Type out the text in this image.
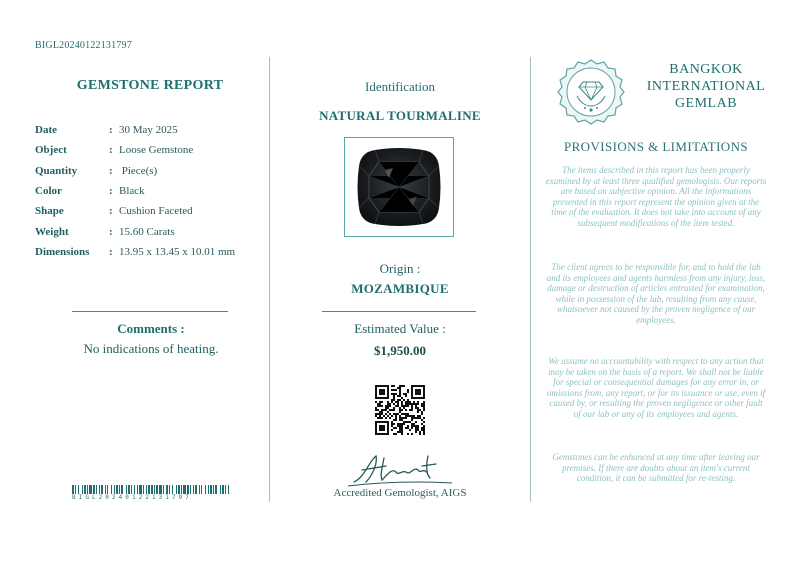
BIGL20240122131797
GEMSTONE REPORT
Date	: 30 May 2025
Object	: Loose Gemstone
Quantity	: Piece(s)
Color	: Black
Shape	: Cushion Faceted
Weight	: 15.60 Carats
Dimensions	: 13.95 x 13.45 x 10.01 mm
Comments :
No indications of heating.
BIGL20240122131797
Identification
NATURAL TOURMALINE
Origin :
MOZAMBIQUE
Estimated Value :
$1,950.00
Accredited Gemologist, AIGS
BANGKOK
INTERNATIONAL
GEMLAB
PROVISIONS & LIMITATIONS
The items described in this report has been properly examined by at least three qualified gemologists. Our reports are based on subjective opinion. All the informations presented in this report represent the opinion given at the time of the evaluation. It does not take into account of any subsequent modifications of the item tested.
The client agrees to be responsible for, and to hold the lab and its employees and agents harmless from any injury, loss, damage or destruction of articles entrusted for examination, while in possession of the lab, resulting from any cause, whatsoever not caused by the proven negligence of our employees.
We assume no accountability with respect to any action that may be taken on the basis of a report. We shall not be liable for special or consequential damages for any error in, or omissions from, any report, or for its issuance or use, even if caused by, or resulting the proven negligence or other fault of our lab or any of its employees and agents.
Gemstones can be enhanced at any time after leaving our premises. If there are doubts about an item's current condition, it can be submitted for re-testing.
